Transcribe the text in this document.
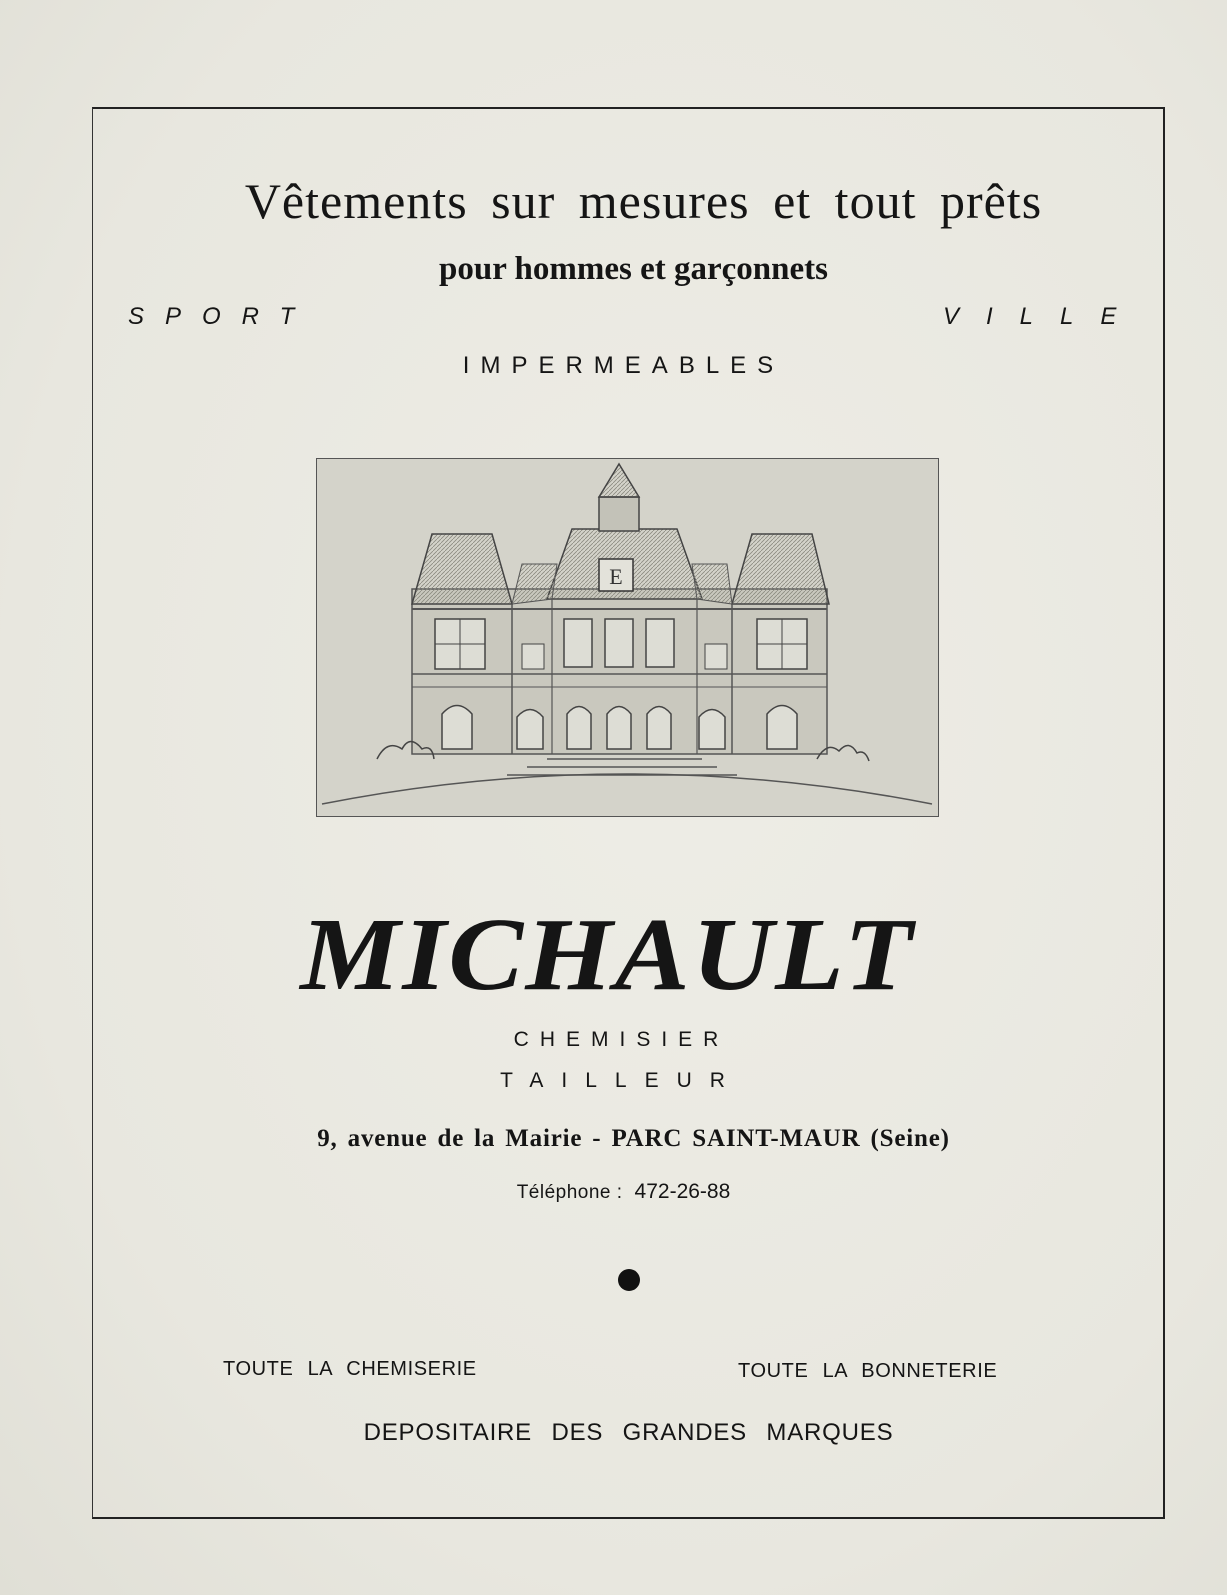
Vêtements sur mesures et tout prêts
pour hommes et garçonnets
SPORT	VILLE
IMPERMEABLES
E
MICHAULT
CHEMISIER
TAILLEUR
9, avenue de la Mairie - PARC SAINT-MAUR (Seine)
Téléphone : 472-26-88
TOUTE LA CHEMISERIE	TOUTE LA BONNETERIE
DEPOSITAIRE DES GRANDES MARQUES
